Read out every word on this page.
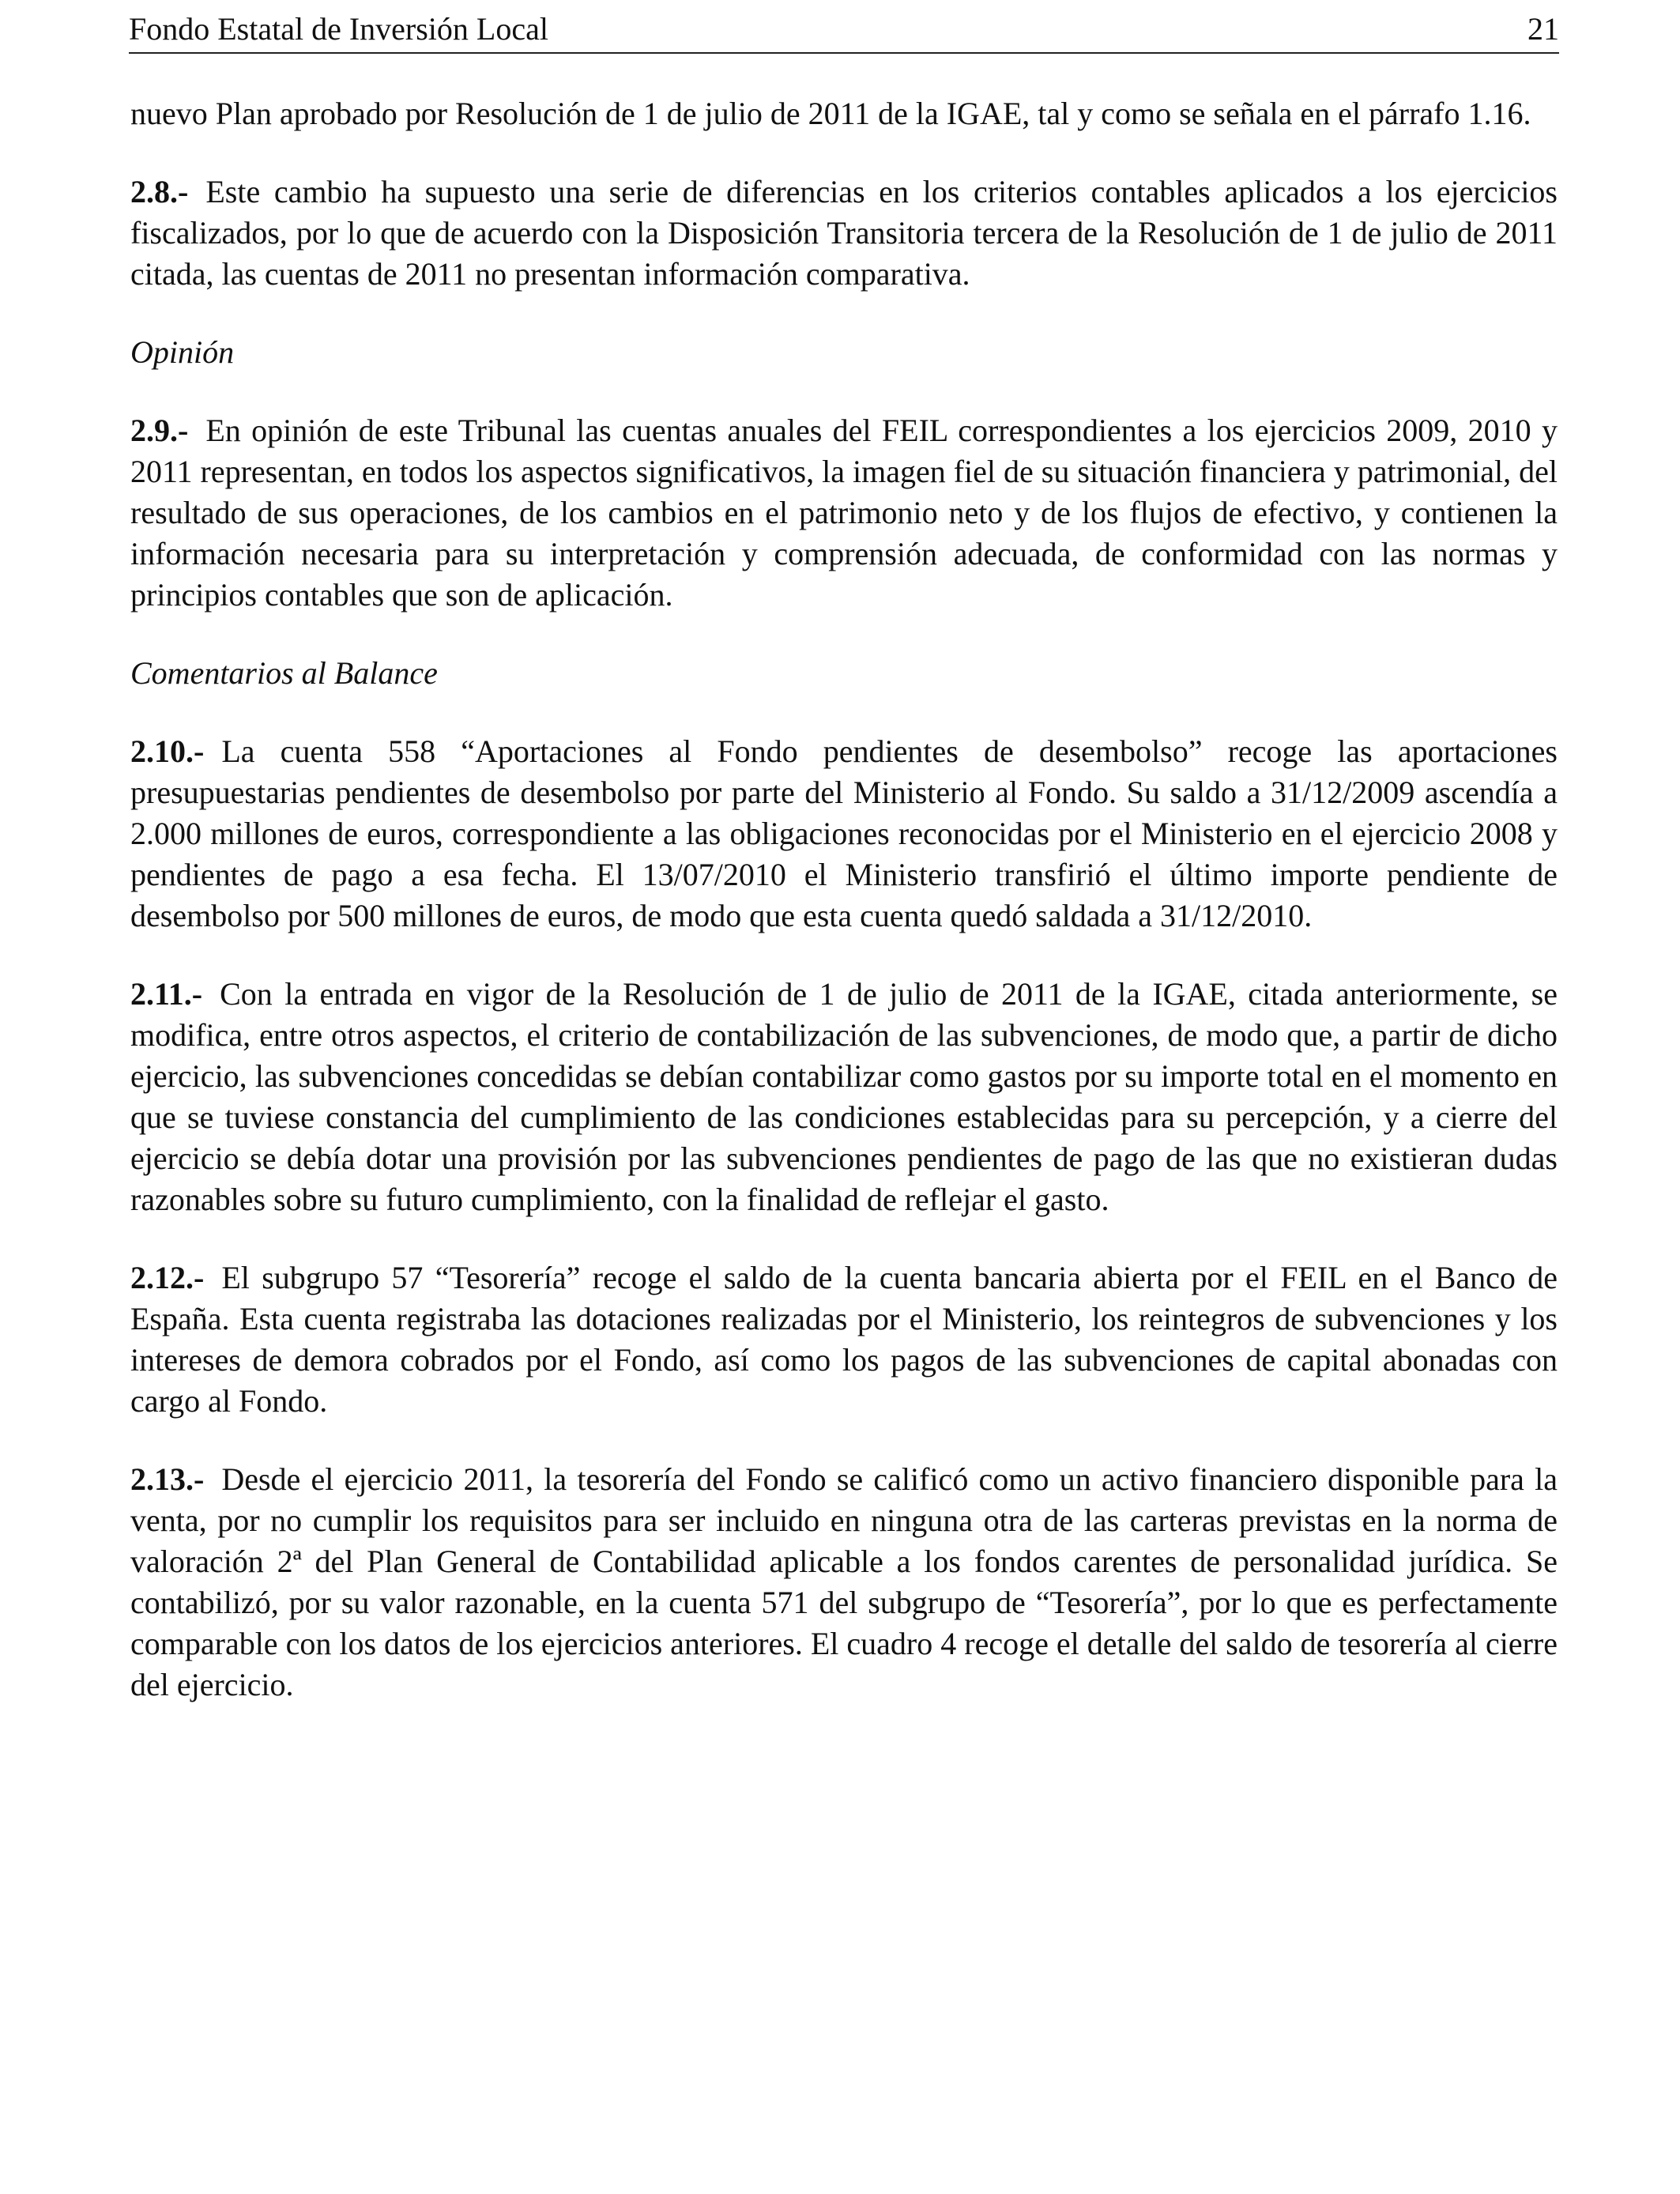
Fondo Estatal de Inversión Local	21

nuevo Plan aprobado por Resolución de 1 de julio de 2011 de la IGAE, tal y como se señala en el párrafo 1.16.

2.8.- Este cambio ha supuesto una serie de diferencias en los criterios contables aplicados a los ejercicios fiscalizados, por lo que de acuerdo con la Disposición Transitoria tercera de la Resolución de 1 de julio de 2011 citada, las cuentas de 2011 no presentan información comparativa.

Opinión

2.9.- En opinión de este Tribunal las cuentas anuales del FEIL correspondientes a los ejercicios 2009, 2010 y 2011 representan, en todos los aspectos significativos, la imagen fiel de su situación financiera y patrimonial, del resultado de sus operaciones, de los cambios en el patrimonio neto y de los flujos de efectivo, y contienen la información necesaria para su interpretación y comprensión adecuada, de conformidad con las normas y principios contables que son de aplicación.

Comentarios al Balance

2.10.- La cuenta 558 “Aportaciones al Fondo pendientes de desembolso” recoge las aportaciones presupuestarias pendientes de desembolso por parte del Ministerio al Fondo. Su saldo a 31/12/2009 ascendía a 2.000 millones de euros, correspondiente a las obligaciones reconocidas por el Ministerio en el ejercicio 2008 y pendientes de pago a esa fecha. El 13/07/2010 el Ministerio transfirió el último importe pendiente de desembolso por 500 millones de euros, de modo que esta cuenta quedó saldada a 31/12/2010.

2.11.- Con la entrada en vigor de la Resolución de 1 de julio de 2011 de la IGAE, citada anteriormente, se modifica, entre otros aspectos, el criterio de contabilización de las subvenciones, de modo que, a partir de dicho ejercicio, las subvenciones concedidas se debían contabilizar como gastos por su importe total en el momento en que se tuviese constancia del cumplimiento de las condiciones establecidas para su percepción, y a cierre del ejercicio se debía dotar una provisión por las subvenciones pendientes de pago de las que no existieran dudas razonables sobre su futuro cumplimiento, con la finalidad de reflejar el gasto.

2.12.- El subgrupo 57 “Tesorería” recoge el saldo de la cuenta bancaria abierta por el FEIL en el Banco de España. Esta cuenta registraba las dotaciones realizadas por el Ministerio, los reintegros de subvenciones y los intereses de demora cobrados por el Fondo, así como los pagos de las subvenciones de capital abonadas con cargo al Fondo.

2.13.- Desde el ejercicio 2011, la tesorería del Fondo se calificó como un activo financiero disponible para la venta, por no cumplir los requisitos para ser incluido en ninguna otra de las carteras previstas en la norma de valoración 2ª del Plan General de Contabilidad aplicable a los fondos carentes de personalidad jurídica. Se contabilizó, por su valor razonable, en la cuenta 571 del subgrupo de “Tesorería”, por lo que es perfectamente comparable con los datos de los ejercicios anteriores. El cuadro 4 recoge el detalle del saldo de tesorería al cierre del ejercicio.
